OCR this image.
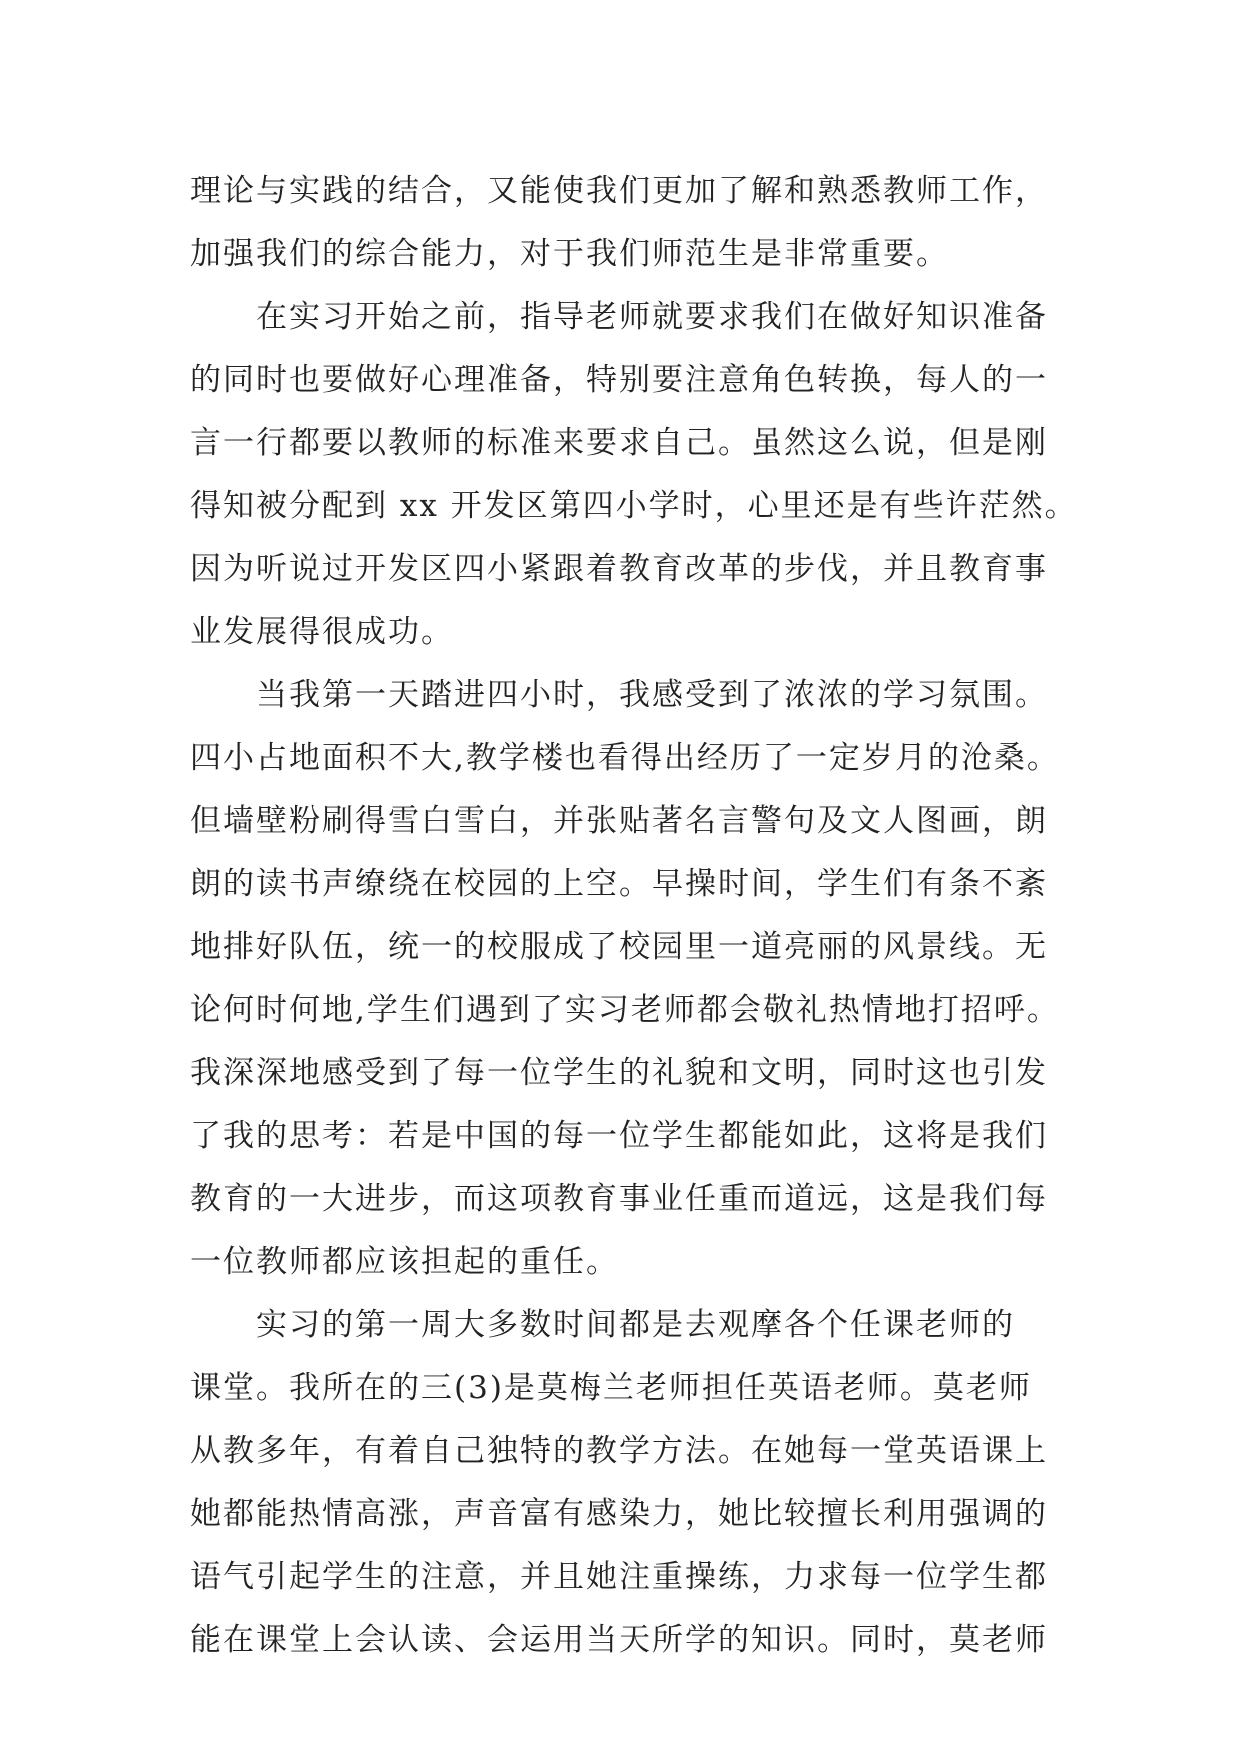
理论与实践的结合，又能使我们更加了解和熟悉教师工作，
加强我们的综合能力，对于我们师范生是非常重要。
在实习开始之前，指导老师就要求我们在做好知识准备
的同时也要做好心理准备，特别要注意角色转换，每人的一
言一行都要以教师的标准来要求自己。虽然这么说，但是刚
得知被分配到 xx 开发区第四小学时，心里还是有些许茫然。
因为听说过开发区四小紧跟着教育改革的步伐，并且教育事
业发展得很成功。
当我第一天踏进四小时，我感受到了浓浓的学习氛围。
四小占地面积不大,教学楼也看得出经历了一定岁月的沧桑。
但墙壁粉刷得雪白雪白，并张贴著名言警句及文人图画，朗
朗的读书声缭绕在校园的上空。早操时间，学生们有条不紊
地排好队伍，统一的校服成了校园里一道亮丽的风景线。无
论何时何地,学生们遇到了实习老师都会敬礼热情地打招呼。
我深深地感受到了每一位学生的礼貌和文明，同时这也引发
了我的思考：若是中国的每一位学生都能如此，这将是我们
教育的一大进步，而这项教育事业任重而道远，这是我们每
一位教师都应该担起的重任。
实习的第一周大多数时间都是去观摩各个任课老师的
课堂。我所在的三(3)是莫梅兰老师担任英语老师。莫老师
从教多年，有着自己独特的教学方法。在她每一堂英语课上
她都能热情高涨，声音富有感染力，她比较擅长利用强调的
语气引起学生的注意，并且她注重操练，力求每一位学生都
能在课堂上会认读、会运用当天所学的知识。同时，莫老师
